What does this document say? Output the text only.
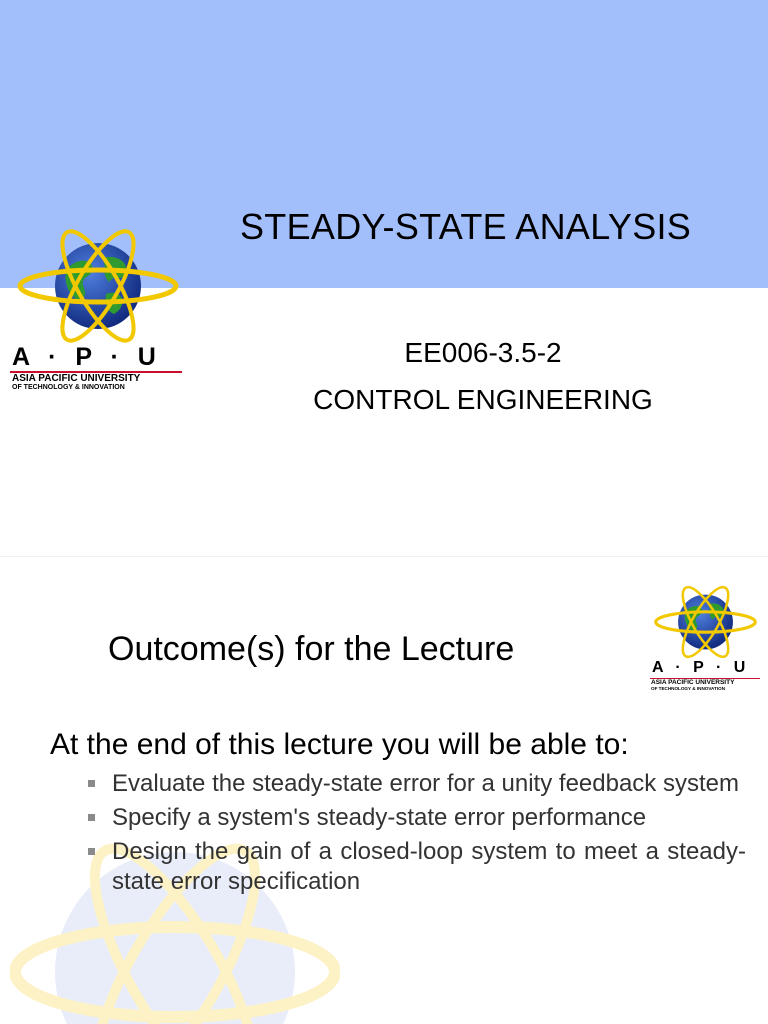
STEADY-STATE ANALYSIS
EE006-3.5-2
CONTROL ENGINEERING
A · P · U
ASIA PACIFIC UNIVERSITY
OF TECHNOLOGY & INNOVATION
A · P · U
ASIA PACIFIC UNIVERSITY
OF TECHNOLOGY & INNOVATION
Outcome(s) for the Lecture
At the end of this lecture you will be able to:
Evaluate the steady-state error for a unity feedback system
Specify a system's steady-state error performance
Design the gain of a closed-loop system to meet a steady-state error specification
